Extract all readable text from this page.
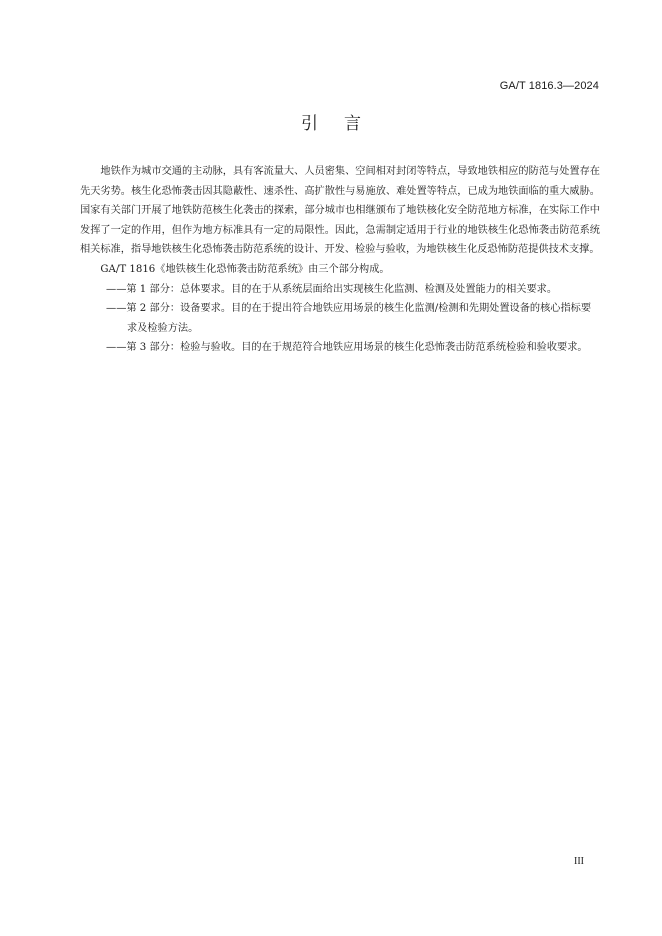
GA/T 1816.3—2024
引言

地铁作为城市交通的主动脉，具有客流量大、人员密集、空间相对封闭等特点，导致地铁相应的防范与处置存在先天劣势。核生化恐怖袭击因其隐蔽性、速杀性、高扩散性与易施放、难处置等特点，已成为地铁面临的重大威胁。国家有关部门开展了地铁防范核生化袭击的探索，部分城市也相继颁布了地铁核化安全防范地方标准，在实际工作中发挥了一定的作用，但作为地方标准具有一定的局限性。因此，急需制定适用于行业的地铁核生化恐怖袭击防范系统相关标准，指导地铁核生化恐怖袭击防范系统的设计、开发、检验与验收，为地铁核生化反恐怖防范提供技术支撑。

GA/T 1816《地铁核生化恐怖袭击防范系统》由三个部分构成。

——第 1 部分：总体要求。目的在于从系统层面给出实现核生化监测、检测及处置能力的相关要求。

——第 2 部分：设备要求。目的在于提出符合地铁应用场景的核生化监测/检测和先期处置设备的核心指标要求及检验方法。

——第 3 部分：检验与验收。目的在于规范符合地铁应用场景的核生化恐怖袭击防范系统检验和验收要求。

III
